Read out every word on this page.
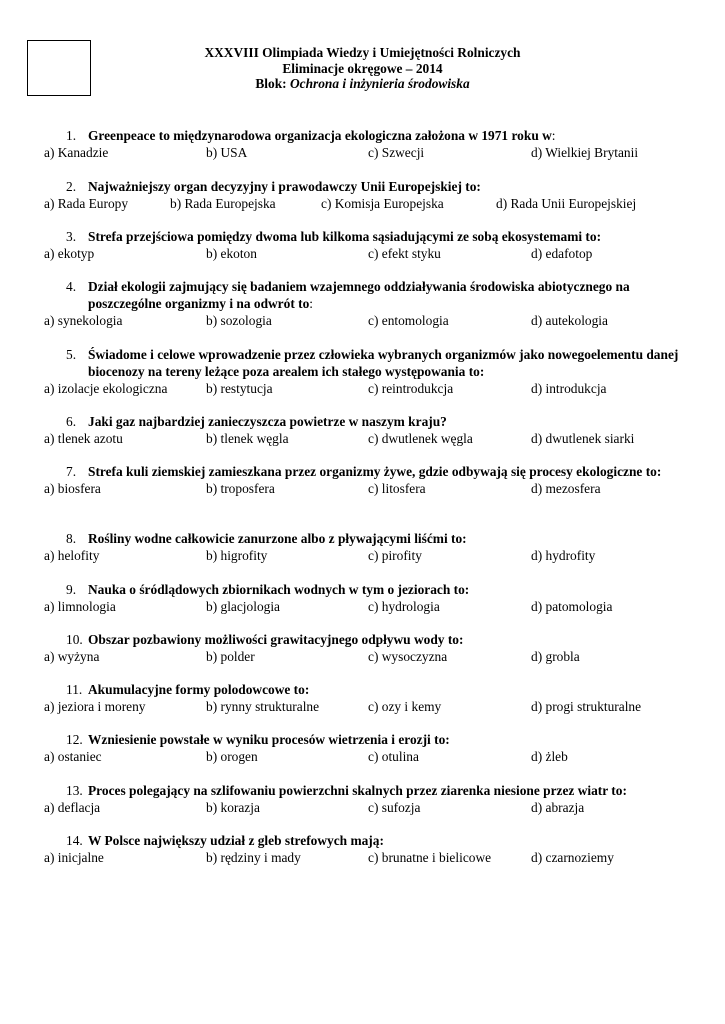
XXXVIII Olimpiada Wiedzy i Umiejętności Rolniczych
Eliminacje okręgowe – 2014
Blok: Ochrona i inżynieria środowiska
1. Greenpeace to międzynarodowa organizacja ekologiczna założona w 1971 roku w:
a) Kanadzie	b) USA	c) Szwecji	d) Wielkiej Brytanii
2. Najważniejszy organ decyzyjny i prawodawczy Unii Europejskiej to:
a) Rada Europy	b) Rada Europejska	c) Komisja Europejska	d) Rada Unii Europejskiej
3. Strefa przejściowa pomiędzy dwoma lub kilkoma sąsiadującymi ze sobą ekosystemami to:
a) ekotyp	b) ekoton	c) efekt styku	d) edafotop
4. Dział ekologii zajmujący się badaniem wzajemnego oddziaływania środowiska abiotycznego na poszczególne organizmy i na odwrót to:
a) synekologia	b) sozologia	c) entomologia	d) autekologia
5. Świadome i celowe wprowadzenie przez człowieka wybranych organizmów jako nowegoelementu danej biocenozy na tereny leżące poza arealem ich stałego występowania to:
a) izolacje ekologiczna	b) restytucja	c) reintrodukcja	d) introdukcja
6. Jaki gaz najbardziej zanieczyszcza powietrze w naszym kraju?
a) tlenek azotu	b) tlenek węgla	c) dwutlenek węgla	d) dwutlenek siarki
7. Strefa kuli ziemskiej zamieszkana przez organizmy żywe, gdzie odbywają się procesy ekologiczne to:
a) biosfera	b) troposfera	c) litosfera	d) mezosfera
8. Rośliny wodne całkowicie zanurzone albo z pływającymi liśćmi to:
a) helofity	b) higrofity	c) pirofity	d) hydrofity
9. Nauka o śródlądowych zbiornikach wodnych w tym o jeziorach to:
a) limnologia	b) glacjologia	c) hydrologia	d) patomologia
10. Obszar pozbawiony możliwości grawitacyjnego odpływu wody to:
a) wyżyna	b) polder	c) wysoczyzna	d) grobla
11. Akumulacyjne formy polodowcowe to:
a) jeziora i moreny	b) rynny strukturalne	c) ozy i kemy	d) progi strukturalne
12. Wzniesienie powstałe w wyniku procesów wietrzenia i erozji to:
a) ostaniec	b) orogen	c) otulina	d) żleb
13. Proces polegający na szlifowaniu powierzchni skalnych przez ziarenka niesione przez wiatr to:
a) deflacja	b) korazja	c) sufozja	d) abrazja
14. W Polsce największy udział z gleb strefowych mają:
a) inicjalne	b) rędziny i mady	c) brunatne i bielicowe	d) czarnoziemy
